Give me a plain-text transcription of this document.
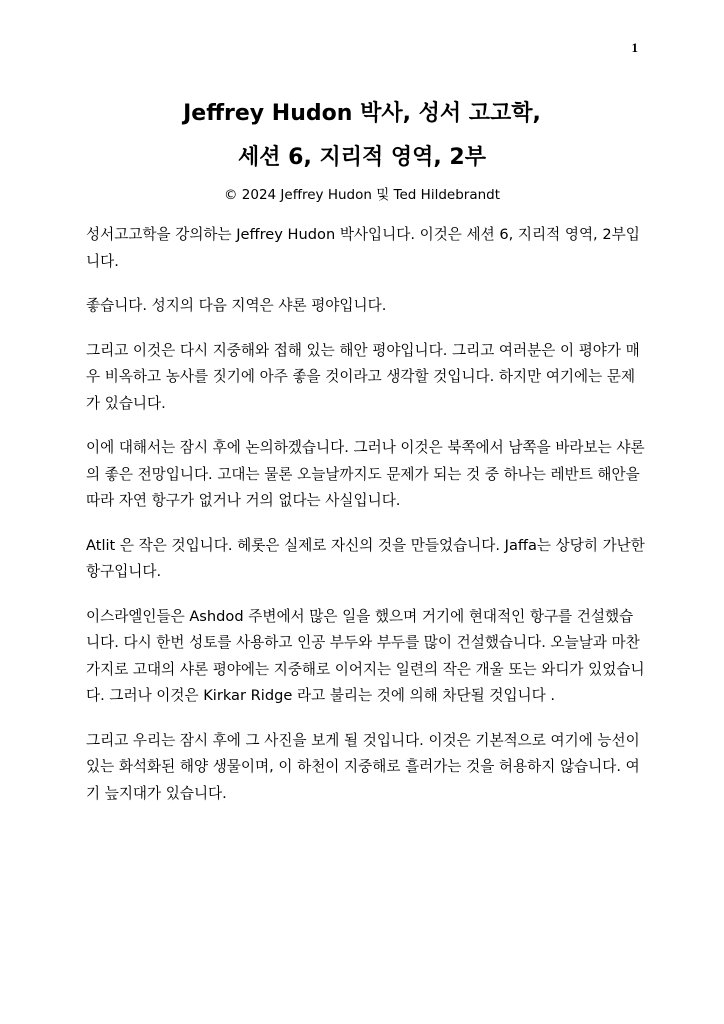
1
Jeffrey Hudon 박사, 성서 고고학,
세션 6, 지리적 영역, 2부
© 2024 Jeffrey Hudon 및 Ted Hildebrandt

성서고고학을 강의하는 Jeffrey Hudon 박사입니다. 이것은 세션 6, 지리적 영역, 2부입니다.

좋습니다. 성지의 다음 지역은 샤론 평야입니다.

그리고 이것은 다시 지중해와 접해 있는 해안 평야입니다. 그리고 여러분은 이 평야가 매우 비옥하고 농사를 짓기에 아주 좋을 것이라고 생각할 것입니다. 하지만 여기에는 문제가 있습니다.

이에 대해서는 잠시 후에 논의하겠습니다. 그러나 이것은 북쪽에서 남쪽을 바라보는 샤론의 좋은 전망입니다. 고대는 물론 오늘날까지도 문제가 되는 것 중 하나는 레반트 해안을 따라 자연 항구가 없거나 거의 없다는 사실입니다.

Atlit 은 작은 것입니다. 헤롯은 실제로 자신의 것을 만들었습니다. Jaffa는 상당히 가난한 항구입니다.

이스라엘인들은 Ashdod 주변에서 많은 일을 했으며 거기에 현대적인 항구를 건설했습니다. 다시 한번 성토를 사용하고 인공 부두와 부두를 많이 건설했습니다. 오늘날과 마찬가지로 고대의 샤론 평야에는 지중해로 이어지는 일련의 작은 개울 또는 와디가 있었습니다. 그러나 이것은 Kirkar Ridge 라고 불리는 것에 의해 차단될 것입니다 .

그리고 우리는 잠시 후에 그 사진을 보게 될 것입니다. 이것은 기본적으로 여기에 능선이 있는 화석화된 해양 생물이며, 이 하천이 지중해로 흘러가는 것을 허용하지 않습니다. 여기 늪지대가 있습니다.
